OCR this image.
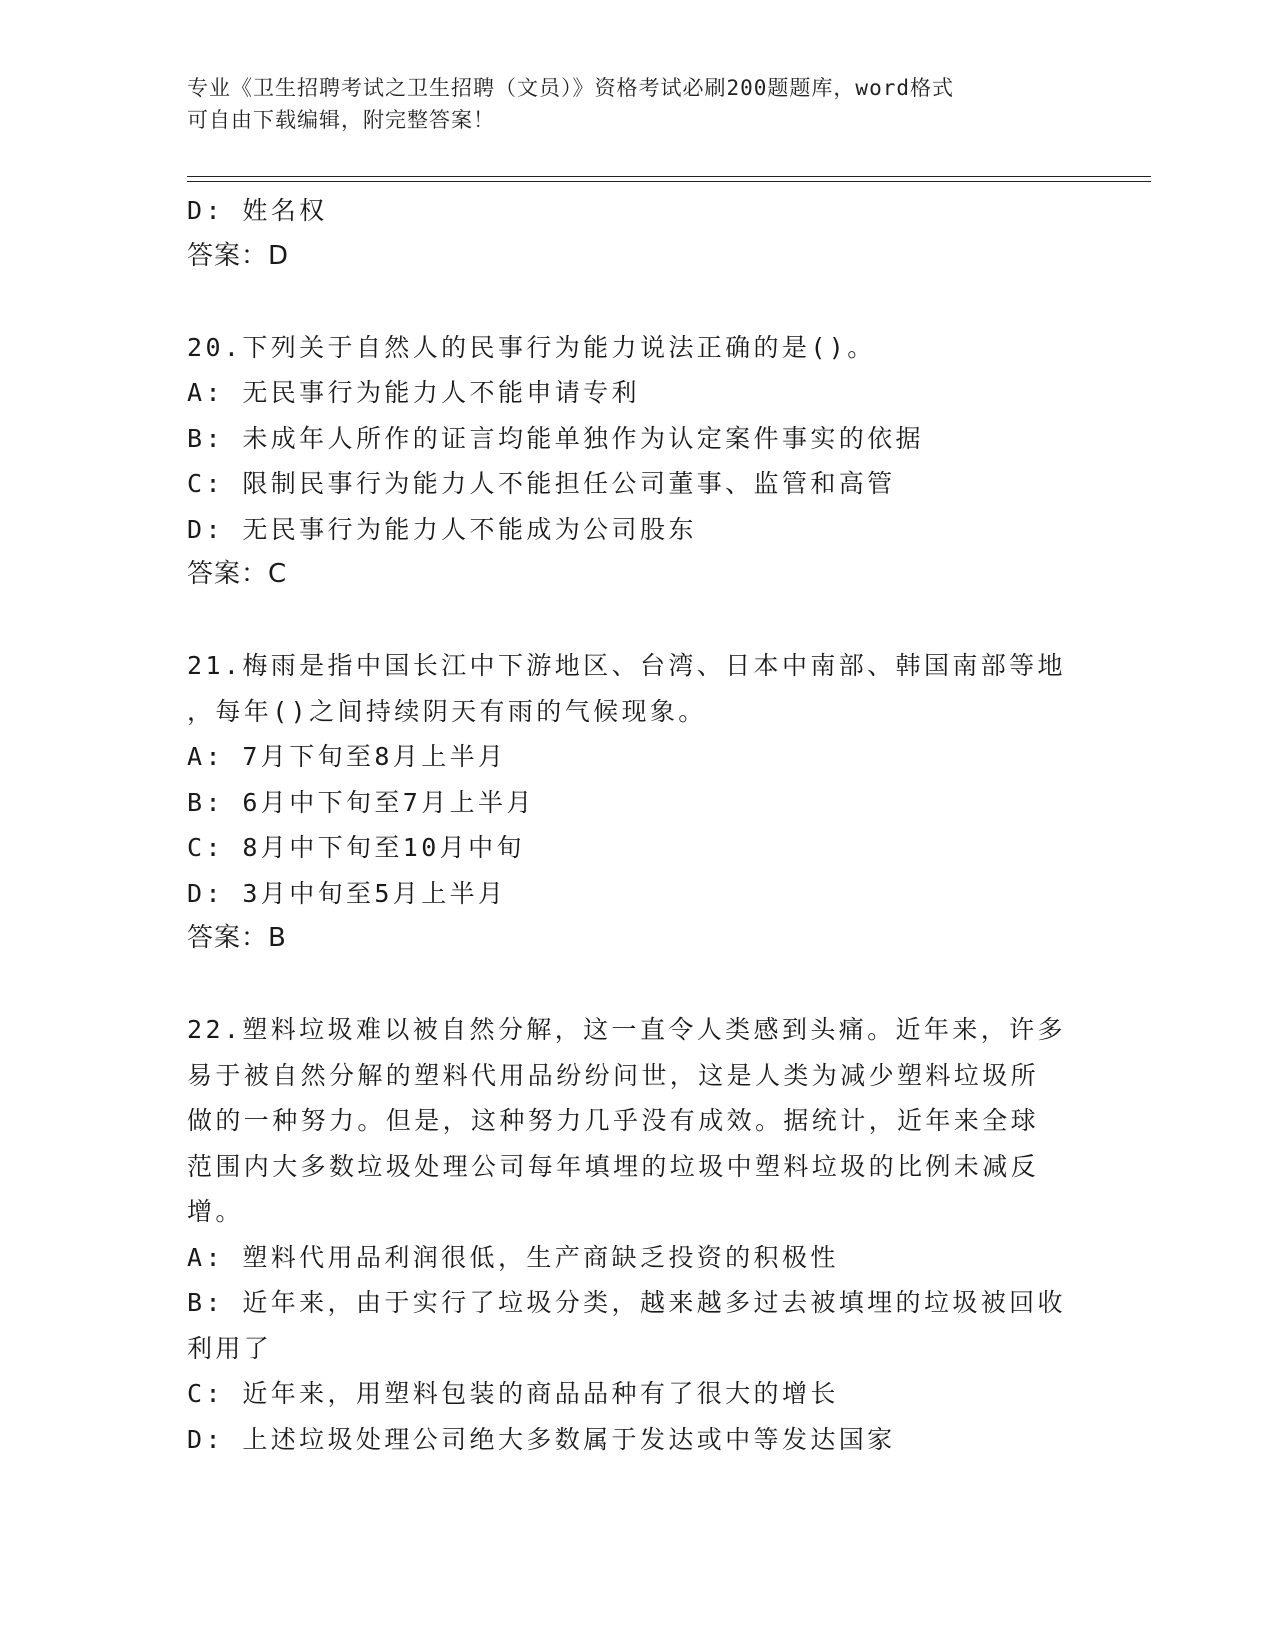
专业《卫生招聘考试之卫生招聘（文员）》资格考试必刷200题题库，word格式
可自由下载编辑，附完整答案！
D: 姓名权
答案：D
20.下列关于自然人的民事行为能力说法正确的是()。
A: 无民事行为能力人不能申请专利
B: 未成年人所作的证言均能单独作为认定案件事实的依据
C: 限制民事行为能力人不能担任公司董事、监管和高管
D: 无民事行为能力人不能成为公司股东
答案：C
21.梅雨是指中国长江中下游地区、台湾、日本中南部、韩国南部等地
，每年()之间持续阴天有雨的气候现象。
A: 7月下旬至8月上半月
B: 6月中下旬至7月上半月
C: 8月中下旬至10月中旬
D: 3月中旬至5月上半月
答案：B
22.塑料垃圾难以被自然分解，这一直令人类感到头痛。近年来，许多
易于被自然分解的塑料代用品纷纷问世，这是人类为减少塑料垃圾所
做的一种努力。但是，这种努力几乎没有成效。据统计，近年来全球
范围内大多数垃圾处理公司每年填埋的垃圾中塑料垃圾的比例未减反
增。
A: 塑料代用品利润很低，生产商缺乏投资的积极性
B: 近年来，由于实行了垃圾分类，越来越多过去被填埋的垃圾被回收
利用了
C: 近年来，用塑料包装的商品品种有了很大的增长
D: 上述垃圾处理公司绝大多数属于发达或中等发达国家
